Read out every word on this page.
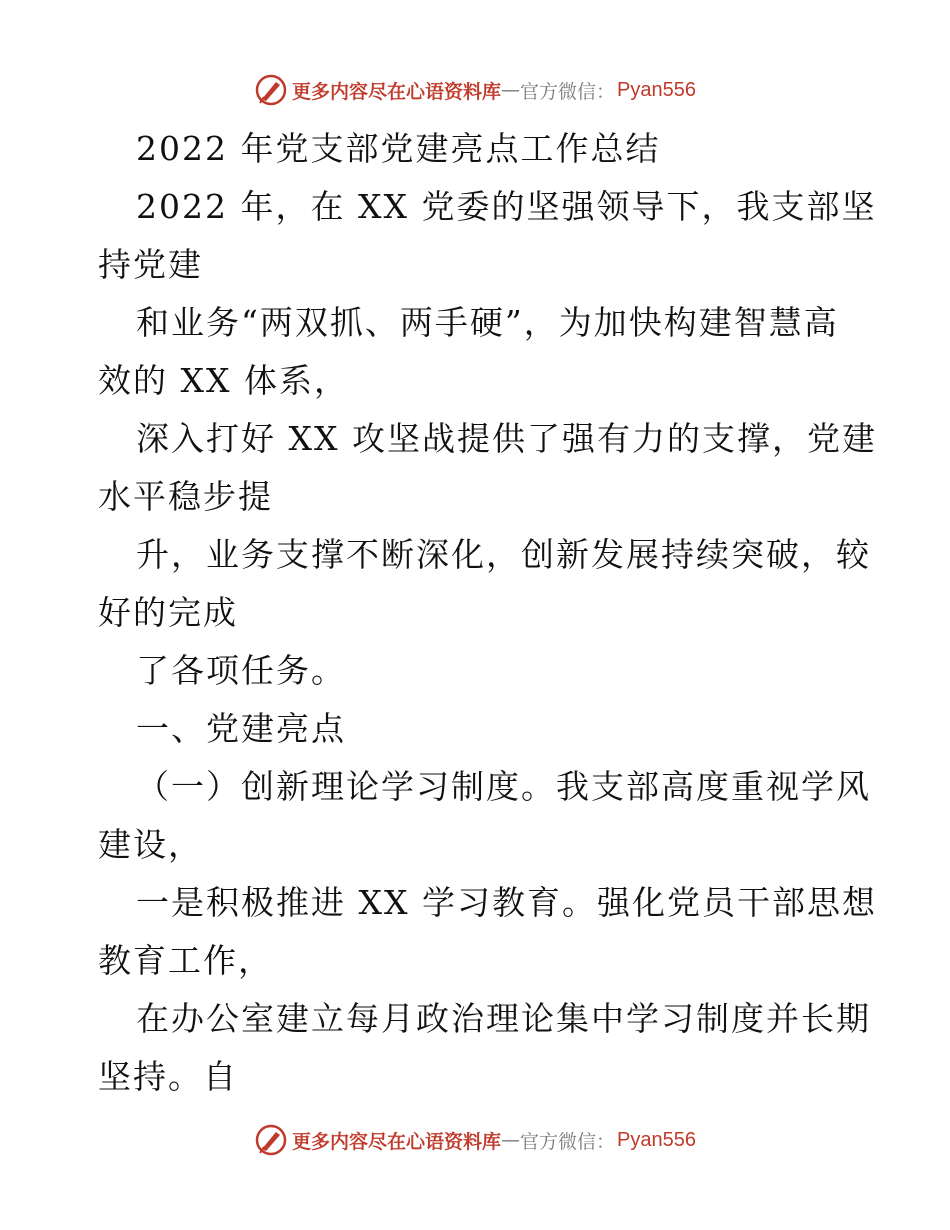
更多内容尽在心语资料库 — 官方微信： Pyan556
2022 年党支部党建亮点工作总结
2022 年，在 XX 党委的坚强领导下，我支部坚
持党建
和业务“两双抓、两手硬”，为加快构建智慧高
效的 XX 体系，
深入打好 XX 攻坚战提供了强有力的支撑，党建
水平稳步提
升，业务支撑不断深化，创新发展持续突破，较
好的完成
了各项任务。
一、党建亮点
（一）创新理论学习制度。我支部高度重视学风
建设，
一是积极推进 XX 学习教育。强化党员干部思想
教育工作，
在办公室建立每月政治理论集中学习制度并长期
坚持。自
更多内容尽在心语资料库 — 官方微信： Pyan556
